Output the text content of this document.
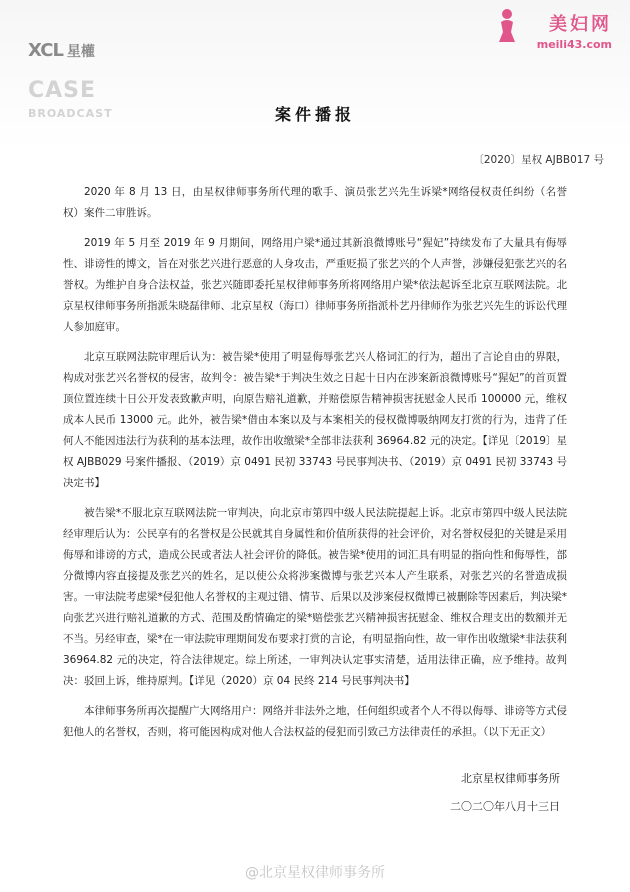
XCL 星權
CASE
BROADCAST
美妇网
meili43.com
案件播报
〔2020〕星权 AJBB017 号

2020 年 8 月 13 日，由星权律师事务所代理的歌手、演员张艺兴先生诉梁*网络侵权责任纠纷（名誉权）案件二审胜诉。

2019 年 5 月至 2019 年 9 月期间，网络用户梁*通过其新浪微博账号“猩妃”持续发布了大量具有侮辱性、诽谤性的博文，旨在对张艺兴进行恶意的人身攻击，严重贬损了张艺兴的个人声誉，涉嫌侵犯张艺兴的名誉权。为维护自身合法权益，张艺兴随即委托星权律师事务所将网络用户梁*依法起诉至北京互联网法院。北京星权律师事务所指派朱晓磊律师、北京星权（海口）律师事务所指派朴艺丹律师作为张艺兴先生的诉讼代理人参加庭审。

北京互联网法院审理后认为：被告梁*使用了明显侮辱张艺兴人格词汇的行为，超出了言论自由的界限，构成对张艺兴名誉权的侵害，故判令：被告梁*于判决生效之日起十日内在涉案新浪微博账号“猩妃”的首页置顶位置连续十日公开发表致歉声明，向原告赔礼道歉，并赔偿原告精神损害抚慰金人民币 100000 元，维权成本人民币 13000 元。此外，被告梁*借由本案以及与本案相关的侵权微博吸纳网友打赏的行为，违背了任何人不能因违法行为获利的基本法理，故作出收缴梁*全部非法获利 36964.82 元的决定。【详见〔2019〕星权 AJBB029 号案件播报、（2019）京 0491 民初 33743 号民事判决书、（2019）京 0491 民初 33743 号决定书】

被告梁*不服北京互联网法院一审判决，向北京市第四中级人民法院提起上诉。北京市第四中级人民法院经审理后认为：公民享有的名誉权是公民就其自身属性和价值所获得的社会评价，对名誉权侵犯的关键是采用侮辱和诽谤的方式，造成公民或者法人社会评价的降低。被告梁*使用的词汇具有明显的指向性和侮辱性，部分微博内容直接提及张艺兴的姓名，足以使公众将涉案微博与张艺兴本人产生联系，对张艺兴的名誉造成损害。一审法院考虑梁*侵犯他人名誉权的主观过错、情节、后果以及涉案侵权微博已被删除等因素后，判决梁*向张艺兴进行赔礼道歉的方式、范围及酌情确定的梁*赔偿张艺兴精神损害抚慰金、维权合理支出的数额并无不当。另经审查，梁*在一审法院审理期间发布要求打赏的言论，有明显指向性，故一审作出收缴梁*非法获利 36964.82 元的决定，符合法律规定。综上所述，一审判决认定事实清楚，适用法律正确，应予维持。故判决：驳回上诉，维持原判。【详见（2020）京 04 民终 214 号民事判决书】

本律师事务所再次提醒广大网络用户：网络并非法外之地，任何组织或者个人不得以侮辱、诽谤等方式侵犯他人的名誉权，否则，将可能因构成对他人合法权益的侵犯而引致己方法律责任的承担。（以下无正文）

北京星权律师事务所
二〇二〇年八月十三日
@北京星权律师事务所
